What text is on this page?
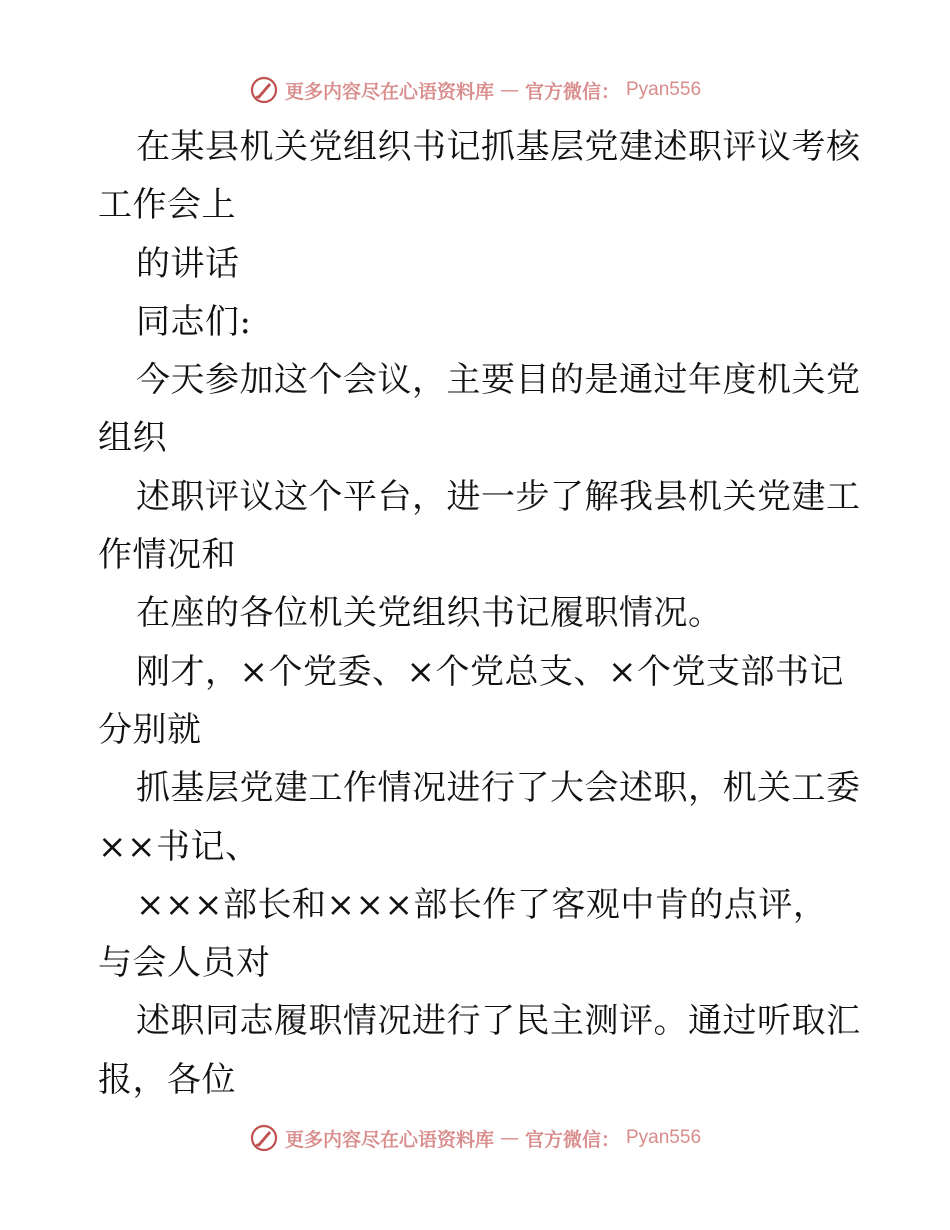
更多内容尽在心语资料库 — 官方微信： Pyan556
在某县机关党组织书记抓基层党建述职评议考核
工作会上
的讲话
同志们:
今天参加这个会议，主要目的是通过年度机关党
组织
述职评议这个平台，进一步了解我县机关党建工
作情况和
在座的各位机关党组织书记履职情况。
刚才，×个党委、×个党总支、×个党支部书记
分别就
抓基层党建工作情况进行了大会述职，机关工委
××书记、
×××部长和×××部长作了客观中肯的点评，
与会人员对
述职同志履职情况进行了民主测评。通过听取汇
报，各位
更多内容尽在心语资料库 — 官方微信： Pyan556
